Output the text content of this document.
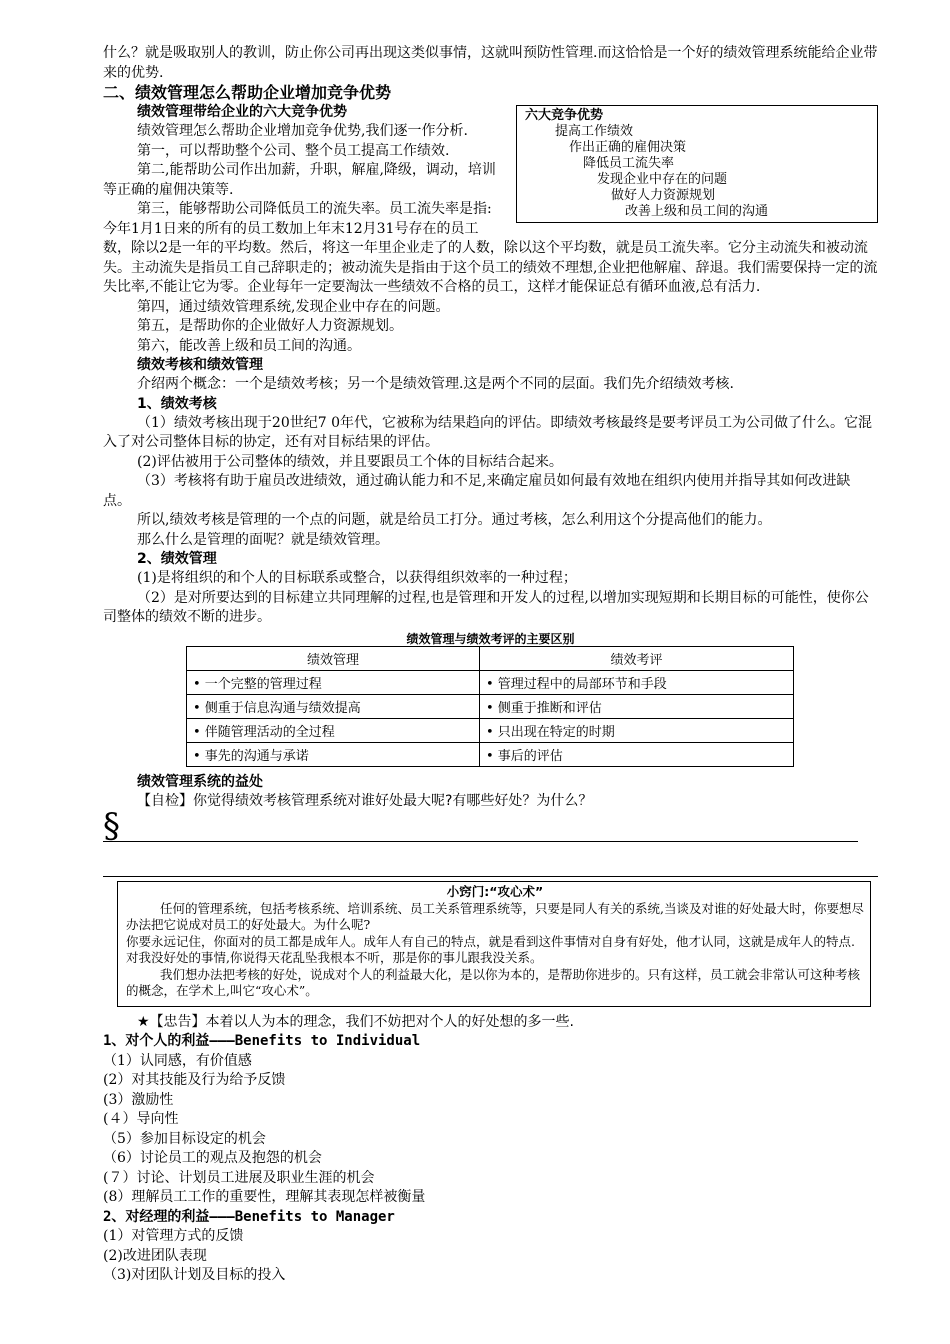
什么？就是吸取别人的教训，防止你公司再出现这类似事情，这就叫预防性管理.而这恰恰是一个好的绩效管理系统能给企业带来的优势.

二、绩效管理怎么帮助企业增加竞争优势

六大竞争优势
提高工作绩效
作出正确的雇佣决策
降低员工流失率
发现企业中存在的问题
做好人力资源规划
改善上级和员工间的沟通

绩效管理带给企业的六大竞争优势

绩效管理怎么帮助企业增加竞争优势,我们逐一作分析.

第一，可以帮助整个公司、整个员工提高工作绩效.

第二,能帮助公司作出加薪，升职，解雇,降级，调动，培训等正确的雇佣决策等.

第三，能够帮助公司降低员工的流失率。员工流失率是指:今年1月1日来的所有的员工数加上年末12月31号存在的员工数，除以2是一年的平均数。然后，将这一年里企业走了的人数，除以这个平均数，就是员工流失率。它分主动流失和被动流失。主动流失是指员工自己辞职走的；被动流失是指由于这个员工的绩效不理想,企业把他解雇、辞退。我们需要保持一定的流失比率,不能让它为零。企业每年一定要淘汰一些绩效不合格的员工，这样才能保证总有循环血液,总有活力.

第四，通过绩效管理系统,发现企业中存在的问题。

第五，是帮助你的企业做好人力资源规划。

第六，能改善上级和员工间的沟通。

绩效考核和绩效管理

介绍两个概念：一个是绩效考核；另一个是绩效管理.这是两个不同的层面。我们先介绍绩效考核.

1、绩效考核

（1）绩效考核出现于20世纪7 0年代，它被称为结果趋向的评估。即绩效考核最终是要考评员工为公司做了什么。它混入了对公司整体目标的协定，还有对目标结果的评估。

(2)评估被用于公司整体的绩效，并且要跟员工个体的目标结合起来。

（3）考核将有助于雇员改进绩效，通过确认能力和不足,来确定雇员如何最有效地在组织内使用并指导其如何改进缺点。

所以,绩效考核是管理的一个点的问题，就是给员工打分。通过考核，怎么利用这个分提高他们的能力。

那么什么是管理的面呢？就是绩效管理。

2、绩效管理

(1)是将组织的和个人的目标联系或整合，以获得组织效率的一种过程；

（2）是对所要达到的目标建立共同理解的过程,也是管理和开发人的过程,以增加实现短期和长期目标的可能性，使你公司整体的绩效不断的进步。

绩效管理与绩效考评的主要区别
绩效管理	绩效考评
• 一个完整的管理过程	• 管理过程中的局部环节和手段
• 侧重于信息沟通与绩效提高	• 侧重于推断和评估
• 伴随管理活动的全过程	• 只出现在特定的时期
• 事先的沟通与承诺	• 事后的评估

绩效管理系统的益处

【自检】你觉得绩效考核管理系统对谁好处最大呢?有哪些好处？为什么？

§
小窍门:“攻心术”

任何的管理系统，包括考核系统、培训系统、员工关系管理系统等，只要是同人有关的系统,当谈及对谁的好处最大时，你要想尽办法把它说成对员工的好处最大。为什么呢?

你要永远记住，你面对的员工都是成年人。成年人有自己的特点，就是看到这件事情对自身有好处，他才认同，这就是成年人的特点.对我没好处的事情,你说得天花乱坠我根本不听，那是你的事儿跟我没关系。

我们想办法把考核的好处，说成对个人的利益最大化，是以你为本的，是帮助你进步的。只有这样，员工就会非常认可这种考核的概念，在学术上,叫它“攻心术”。

★【忠告】本着以人为本的理念，我们不妨把对个人的好处想的多一些.

1、对个人的利益———Benefits to Individual

（1）认同感，有价值感

(2）对其技能及行为给予反馈

(3）激励性

(４）导向性

（5）参加目标设定的机会

（6）讨论员工的观点及抱怨的机会

(７）讨论、计划员工进展及职业生涯的机会

(8）理解员工工作的重要性，理解其表现怎样被衡量

2、对经理的利益———Benefits to Manager

(1）对管理方式的反馈

(2)改进团队表现

（3)对团队计划及目标的投入
